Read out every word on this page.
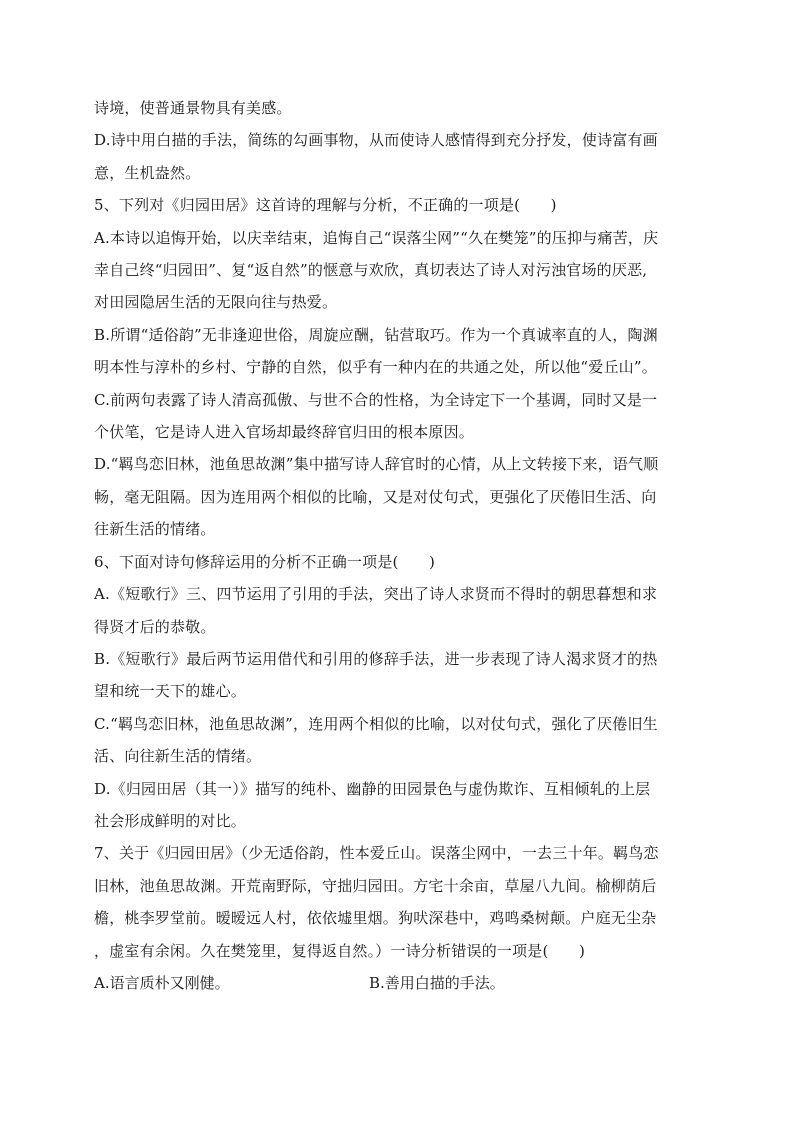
诗境，使普通景物具有美感。
D.诗中用白描的手法，简练的勾画事物，从而使诗人感情得到充分抒发，使诗富有画
意，生机盎然。
5、下列对《归园田居》这首诗的理解与分析，不正确的一项是(　　)
A.本诗以追悔开始，以庆幸结束，追悔自己“误落尘网”“久在樊笼”的压抑与痛苦，庆
幸自己终“归园田”、复“返自然”的惬意与欢欣，真切表达了诗人对污浊官场的厌恶,
对田园隐居生活的无限向往与热爱。
B.所谓“适俗韵”无非逢迎世俗，周旋应酬，钻营取巧。作为一个真诚率直的人，陶渊
明本性与淳朴的乡村、宁静的自然，似乎有一种内在的共通之处，所以他“爱丘山”。
C.前两句表露了诗人清高孤傲、与世不合的性格，为全诗定下一个基调，同时又是一
个伏笔，它是诗人进入官场却最终辞官归田的根本原因。
D.“羁鸟恋旧林，池鱼思故渊”集中描写诗人辞官时的心情，从上文转接下来，语气顺
畅，毫无阻隔。因为连用两个相似的比喻，又是对仗句式，更强化了厌倦旧生活、向
往新生活的情绪。
6、下面对诗句修辞运用的分析不正确一项是(　　)
A.《短歌行》三、四节运用了引用的手法，突出了诗人求贤而不得时的朝思暮想和求
得贤才后的恭敬。
B.《短歌行》最后两节运用借代和引用的修辞手法，进一步表现了诗人渴求贤才的热
望和统一天下的雄心。
C.“羁鸟恋旧林，池鱼思故渊”，连用两个相似的比喻，以对仗句式，强化了厌倦旧生
活、向往新生活的情绪。
D.《归园田居（其一）》描写的纯朴、幽静的田园景色与虚伪欺诈、互相倾轧的上层
社会形成鲜明的对比。
7、关于《归园田居》（少无适俗韵，性本爱丘山。误落尘网中，一去三十年。羁鸟恋
旧林，池鱼思故渊。开荒南野际，守拙归园田。方宅十余亩，草屋八九间。榆柳荫后
檐，桃李罗堂前。暧暧远人村，依依墟里烟。狗吠深巷中，鸡鸣桑树颠。户庭无尘杂
，虚室有余闲。久在樊笼里，复得返自然。）一诗分析错误的一项是(　　)
A.语言质朴又刚健。	B.善用白描的手法。
